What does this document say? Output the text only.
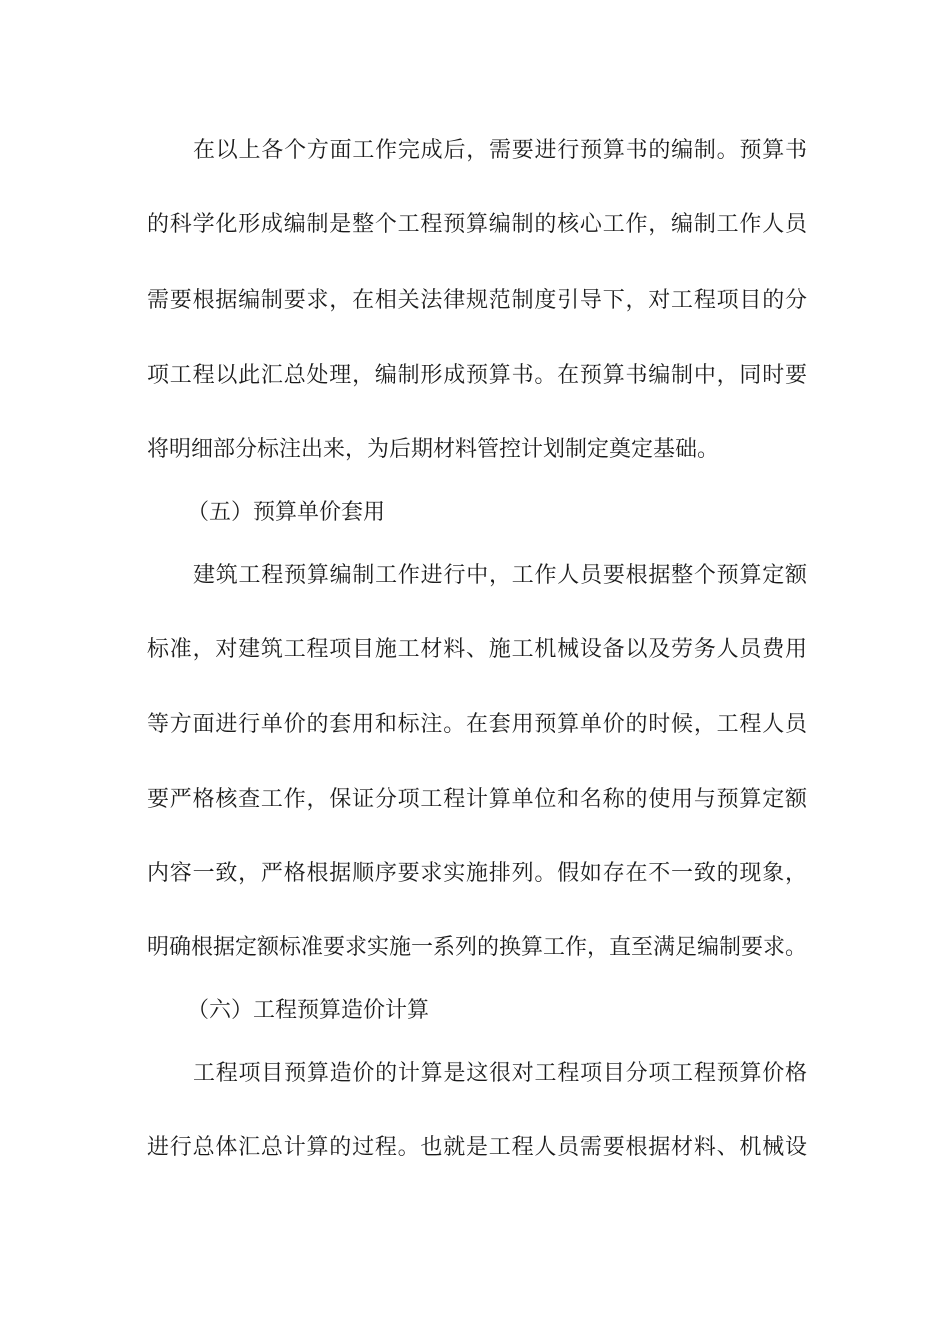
在以上各个方面工作完成后，需要进行预算书的编制。预算书
的科学化形成编制是整个工程预算编制的核心工作，编制工作人员
需要根据编制要求，在相关法律规范制度引导下，对工程项目的分
项工程以此汇总处理，编制形成预算书。在预算书编制中，同时要
将明细部分标注出来，为后期材料管控计划制定奠定基础。
（五）预算单价套用
建筑工程预算编制工作进行中，工作人员要根据整个预算定额
标准，对建筑工程项目施工材料、施工机械设备以及劳务人员费用
等方面进行单价的套用和标注。在套用预算单价的时候，工程人员
要严格核查工作，保证分项工程计算单位和名称的使用与预算定额
内容一致，严格根据顺序要求实施排列。假如存在不一致的现象，
明确根据定额标准要求实施一系列的换算工作，直至满足编制要求。
（六）工程预算造价计算
工程项目预算造价的计算是这很对工程项目分项工程预算价格
进行总体汇总计算的过程。也就是工程人员需要根据材料、机械设
